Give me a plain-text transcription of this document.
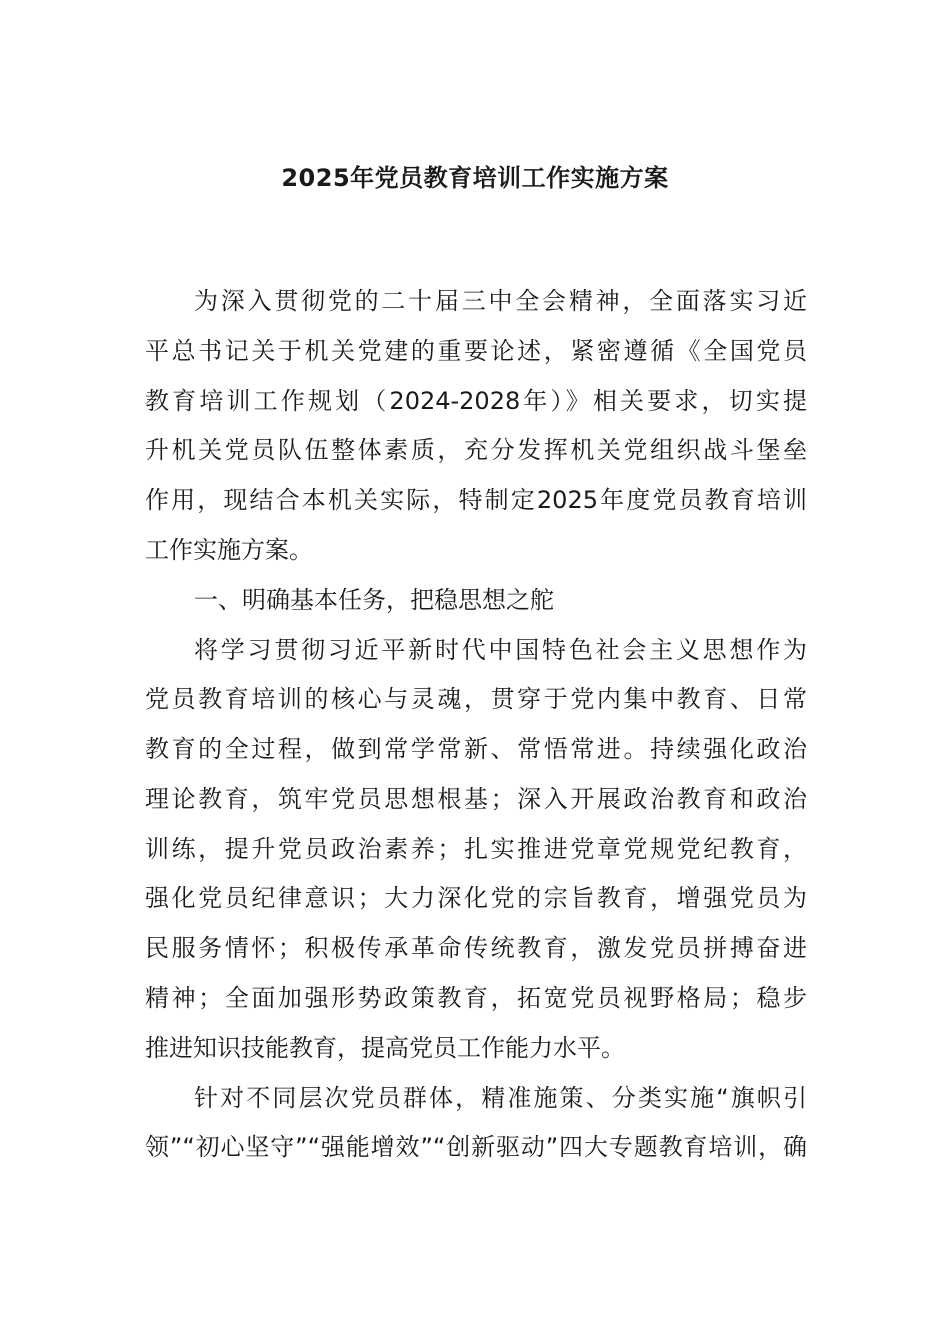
2025年党员教育培训工作实施方案
为深入贯彻党的二十届三中全会精神，全面落实习近
平总书记关于机关党建的重要论述，紧密遵循《全国党员
教育培训工作规划（2024-2028年）》相关要求，切实提
升机关党员队伍整体素质，充分发挥机关党组织战斗堡垒
作用，现结合本机关实际，特制定2025年度党员教育培训
工作实施方案。
一、明确基本任务，把稳思想之舵
将学习贯彻习近平新时代中国特色社会主义思想作为
党员教育培训的核心与灵魂，贯穿于党内集中教育、日常
教育的全过程，做到常学常新、常悟常进。持续强化政治
理论教育，筑牢党员思想根基；深入开展政治教育和政治
训练，提升党员政治素养；扎实推进党章党规党纪教育，
强化党员纪律意识；大力深化党的宗旨教育，增强党员为
民服务情怀；积极传承革命传统教育，激发党员拼搏奋进
精神；全面加强形势政策教育，拓宽党员视野格局；稳步
推进知识技能教育，提高党员工作能力水平。
针对不同层次党员群体，精准施策、分类实施“旗帜引
领”“初心坚守”“强能增效”“创新驱动”四大专题教育培训，确
